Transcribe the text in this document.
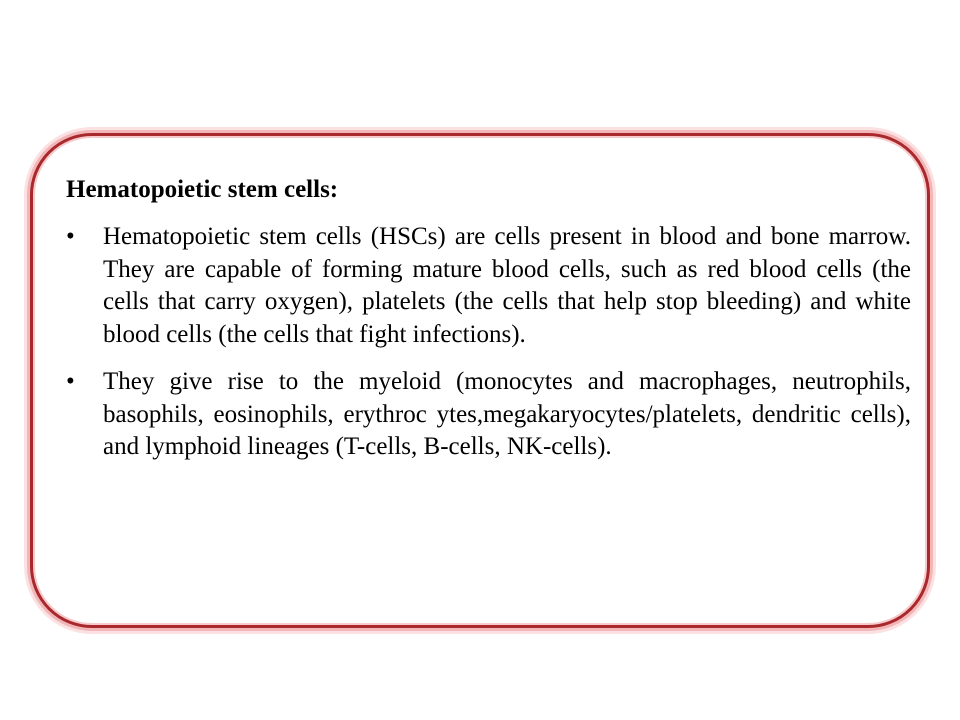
Hematopoietic stem cells:
• Hematopoietic stem cells (HSCs) are cells present in blood and bone marrow. They are capable of forming mature blood cells, such as red blood cells (the cells that carry oxygen), platelets (the cells that help stop bleeding) and white blood cells (the cells that fight infections).
• They give rise to the myeloid (monocytes and macrophages, neutrophils, basophils, eosinophils, erythroc ytes,megakaryocytes/platelets, dendritic cells), and lymphoid lineages (T-cells, B-cells, NK-cells).
